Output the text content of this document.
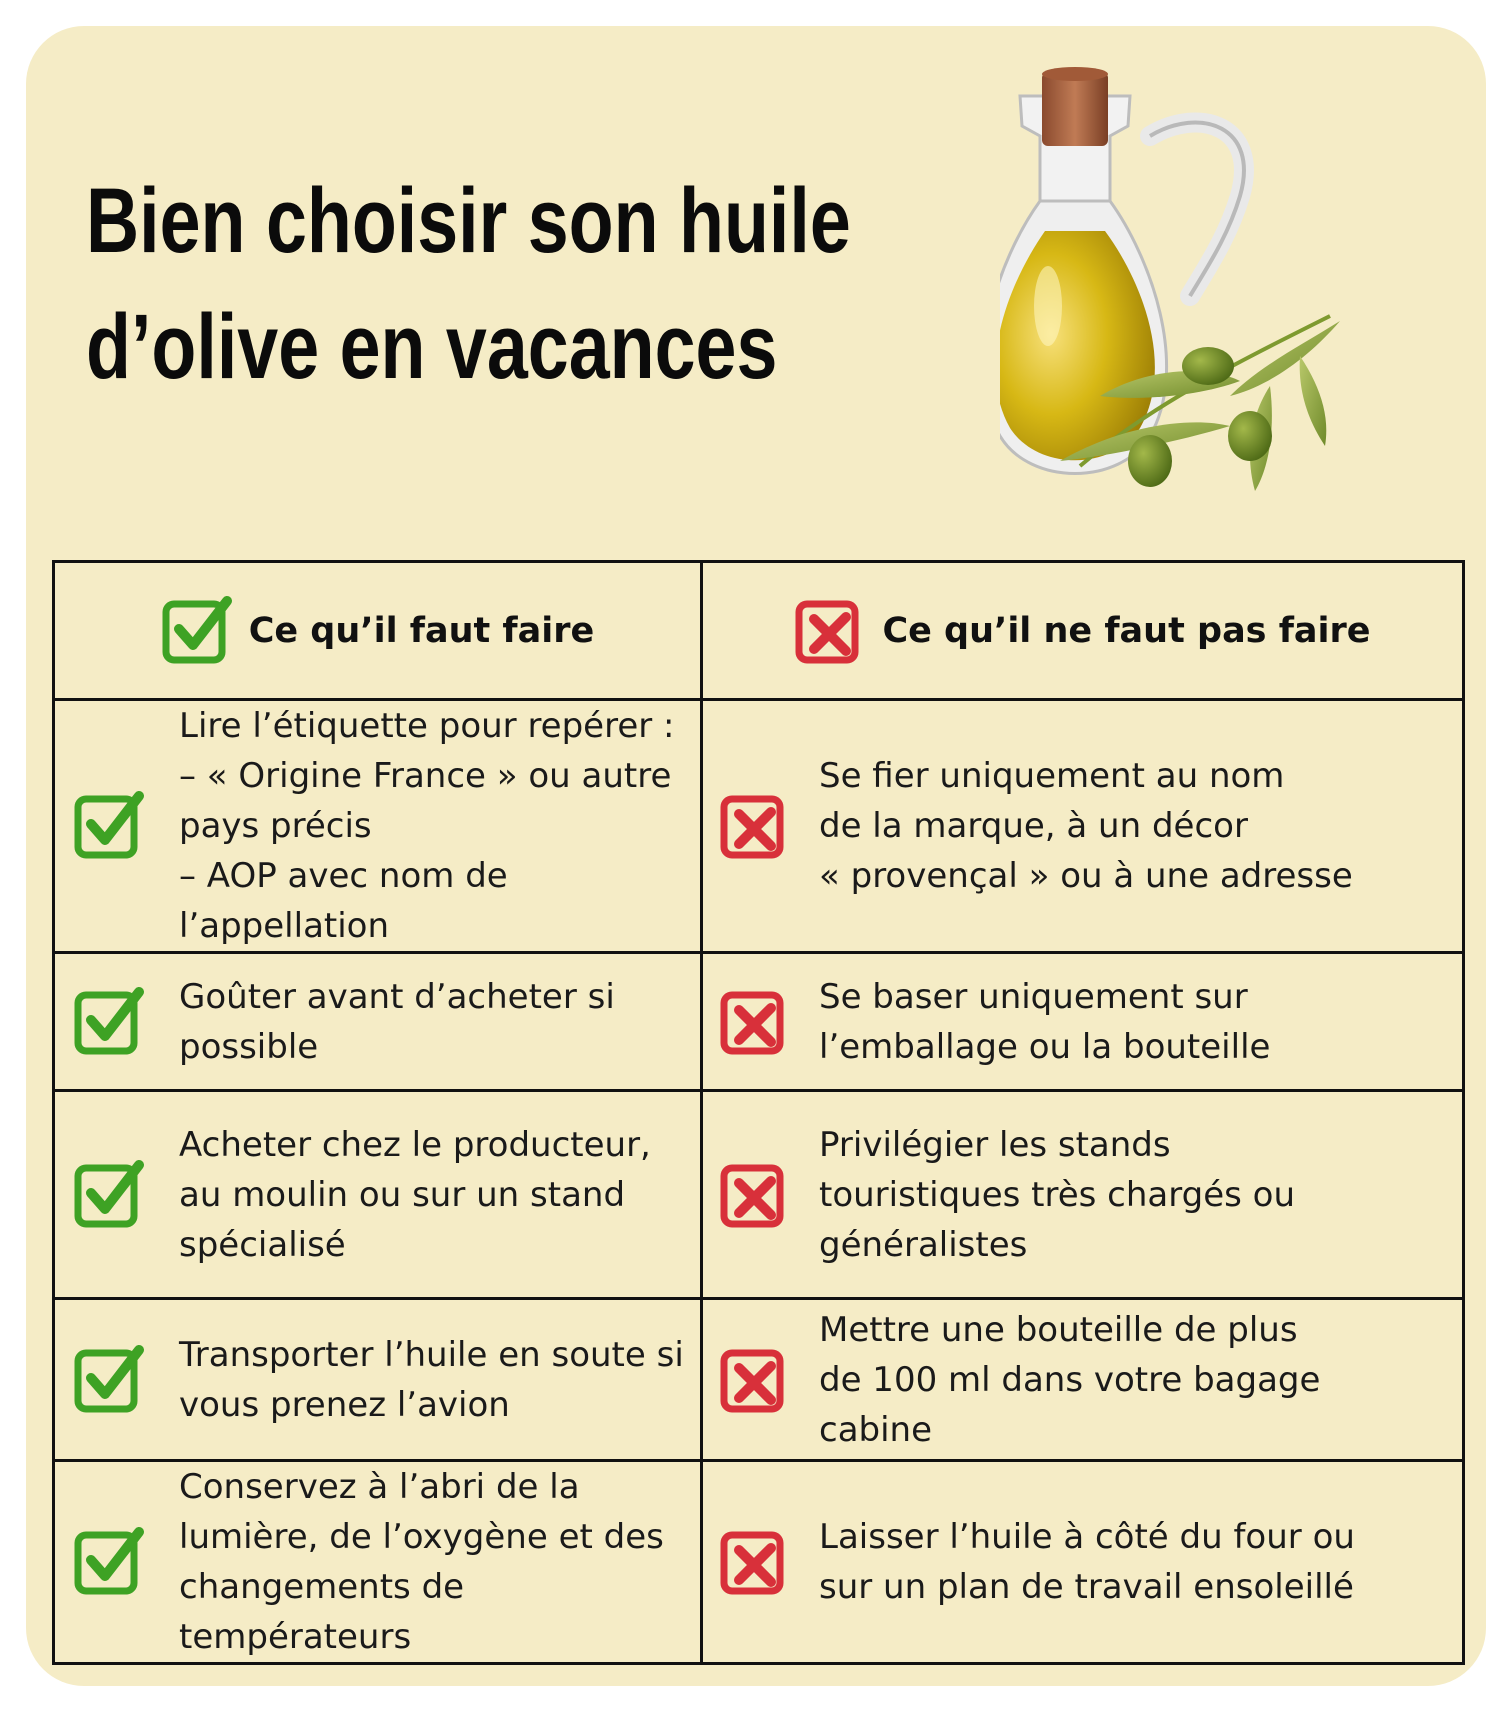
Bien choisir son huile
d’olive en vacances
Ce qu’il faut faire	Ce qu’il ne faut pas faire

Lire l’étiquette pour repérer :
– « Origine France » ou autre
pays précis
– AOP avec nom de l’appellation	Se fier uniquement au nom
de la marque, à un décor
« provençal » ou à une adresse

Goûter avant d’acheter si
possible	Se baser uniquement sur
l’emballage ou la bouteille

Acheter chez le producteur,
au moulin ou sur un stand
spécialisé	Privilégier les stands
touristiques très chargés ou
généralistes

Transporter l’huile en soute si
vous prenez l’avion	Mettre une bouteille de plus
de 100 ml dans votre bagage
cabine

Conservez à l’abri de la
lumière, de l’oxygène et des
changements de températeurs	Laisser l’huile à côté du four ou
sur un plan de travail ensoleillé
